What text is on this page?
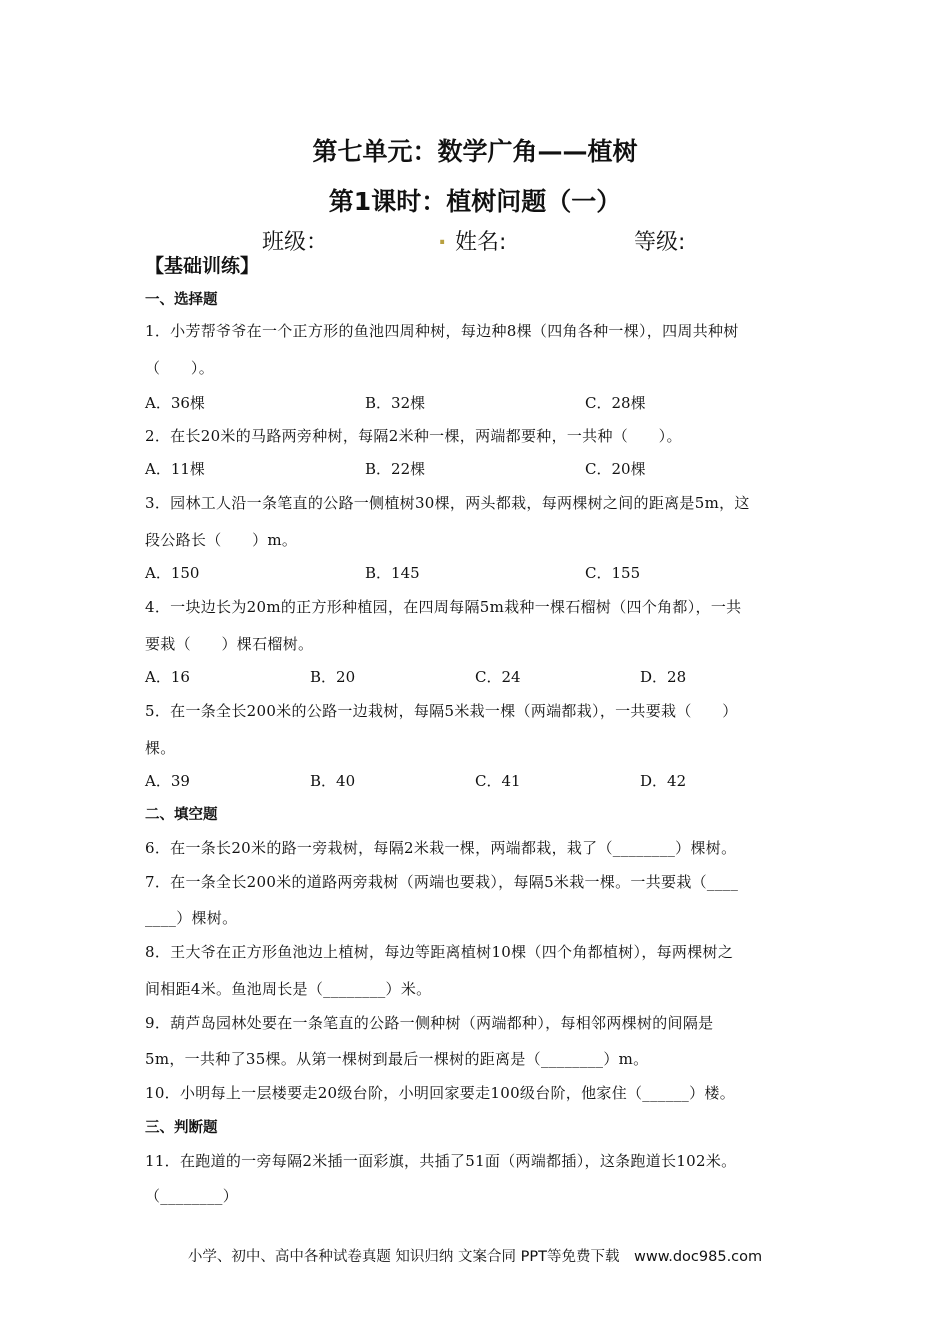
第七单元：数学广角——植树
第1课时：植树问题（一）
班级：	. 姓名:	等级:
【基础训练】
一、选择题
1．小芳帮爷爷在一个正方形的鱼池四周种树，每边种8棵（四角各种一棵），四周共种树
（　　）。
A．36棵	B．32棵	C．28棵
2．在长20米的马路两旁种树，每隔2米种一棵，两端都要种，一共种（　　）。
A．11棵	B．22棵	C．20棵
3．园林工人沿一条笔直的公路一侧植树30棵，两头都栽，每两棵树之间的距离是5m，这
段公路长（　　）m。
A．150	B．145	C．155
4．一块边长为20m的正方形种植园，在四周每隔5m栽种一棵石榴树（四个角都），一共
要栽（　　）棵石榴树。
A．16	B．20	C．24	D．28
5．在一条全长200米的公路一边栽树，每隔5米栽一棵（两端都栽），一共要栽（　　）
棵。
A．39	B．40	C．41	D．42
二、填空题
6．在一条长20米的路一旁栽树，每隔2米栽一棵，两端都栽，栽了（________）棵树。
7．在一条全长200米的道路两旁栽树（两端也要栽），每隔5米栽一棵。一共要栽（____
____）棵树。
8．王大爷在正方形鱼池边上植树，每边等距离植树10棵（四个角都植树），每两棵树之
间相距4米。鱼池周长是（________）米。
9．葫芦岛园林处要在一条笔直的公路一侧种树（两端都种），每相邻两棵树的间隔是
5m，一共种了35棵。从第一棵树到最后一棵树的距离是（________）m。
10．小明每上一层楼要走20级台阶，小明回家要走100级台阶，他家住（______）楼。
三、判断题
11．在跑道的一旁每隔2米插一面彩旗，共插了51面（两端都插），这条跑道长102米。
（________）
小学、初中、高中各种试卷真题 知识归纳 文案合同 PPT等免费下载　www.doc985.com
